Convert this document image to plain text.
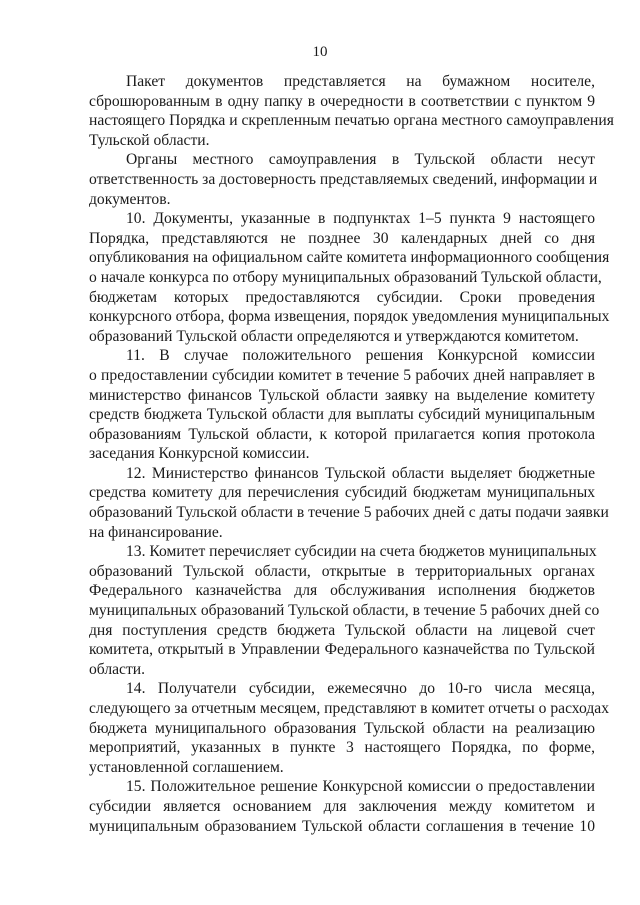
10
Пакет документов представляется на бумажном носителе,
сброшюрованным в одну папку в очередности в соответствии с пунктом 9
настоящего Порядка и скрепленным печатью органа местного самоуправления
Тульской области.
Органы местного самоуправления в Тульской области несут
ответственность за достоверность представляемых сведений, информации и
документов.
10. Документы, указанные в подпунктах 1–5 пункта 9 настоящего
Порядка, представляются не позднее 30 календарных дней со дня
опубликования на официальном сайте комитета информационного сообщения
о начале конкурса по отбору муниципальных образований Тульской области,
бюджетам которых предоставляются субсидии. Сроки проведения
конкурсного отбора, форма извещения, порядок уведомления муниципальных
образований Тульской области определяются и утверждаются комитетом.
11. В случае положительного решения Конкурсной комиссии
о предоставлении субсидии комитет в течение 5 рабочих дней направляет в
министерство финансов Тульской области заявку на выделение комитету
средств бюджета Тульской области для выплаты субсидий муниципальным
образованиям Тульской области, к которой прилагается копия протокола
заседания Конкурсной комиссии.
12. Министерство финансов Тульской области выделяет бюджетные
средства комитету для перечисления субсидий бюджетам муниципальных
образований Тульской области в течение 5 рабочих дней с даты подачи заявки
на финансирование.
13. Комитет перечисляет субсидии на счета бюджетов муниципальных
образований Тульской области, открытые в территориальных органах
Федерального казначейства для обслуживания исполнения бюджетов
муниципальных образований Тульской области, в течение 5 рабочих дней со
дня поступления средств бюджета Тульской области на лицевой счет
комитета, открытый в Управлении Федерального казначейства по Тульской
области.
14. Получатели субсидии, ежемесячно до 10-го числа месяца,
следующего за отчетным месяцем, представляют в комитет отчеты о расходах
бюджета муниципального образования Тульской области на реализацию
мероприятий, указанных в пункте 3 настоящего Порядка, по форме,
установленной соглашением.
15. Положительное решение Конкурсной комиссии о предоставлении
субсидии является основанием для заключения между комитетом и
муниципальным образованием Тульской области соглашения в течение 10
